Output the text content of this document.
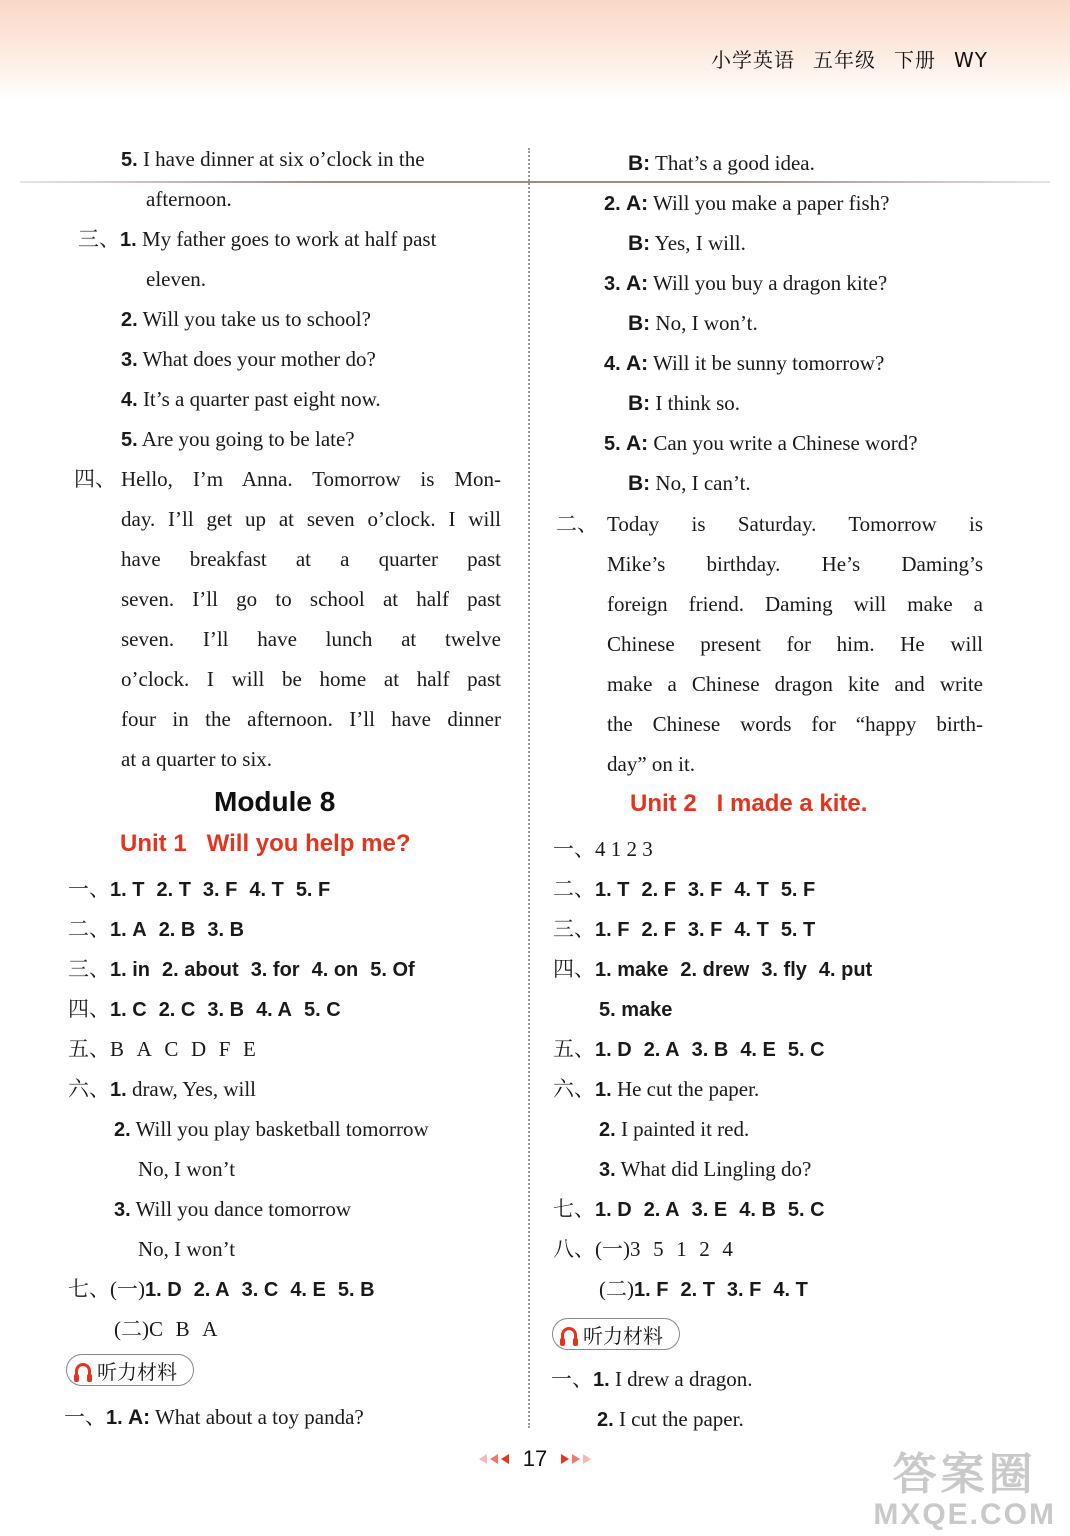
小学英语 五年级 下册 WY
5. I have dinner at six o’clock in the
afternoon.
三、1. My father goes to work at half past
eleven.
2. Will you take us to school?
3. What does your mother do?
4. It’s a quarter past eight now.
5. Are you going to be late?
四、 Hello, I’m Anna. Tomorrow is Mon-
day. I’ll get up at seven o’clock. I will
have breakfast at a quarter past
seven. I’ll go to school at half past
seven. I’ll have lunch at twelve
o’clock. I will be home at half past
four in the afternoon. I’ll have dinner
at a quarter to six.
Module 8
Unit 1 Will you help me?
一、1. T 2. T 3. F 4. T 5. F
二、1. A 2. B 3. B
三、1. in 2. about 3. for 4. on 5. Of
四、1. C 2. C 3. B 4. A 5. C
五、B A C D F E
六、1. draw, Yes, will
2. Will you play basketball tomorrow
No, I won’t
3. Will you dance tomorrow
No, I won’t
七、(一)1. D 2. A 3. C 4. E 5. B
(二)C B A
听力材料
一、1. A: What about a toy panda?
B: That’s a good idea.
2. A: Will you make a paper fish?
B: Yes, I will.
3. A: Will you buy a dragon kite?
B: No, I won’t.
4. A: Will it be sunny tomorrow?
B: I think so.
5. A: Can you write a Chinese word?
B: No, I can’t.
二、 Today is Saturday. Tomorrow is
Mike’s birthday. He’s Daming’s
foreign friend. Daming will make a
Chinese present for him. He will
make a Chinese dragon kite and write
the Chinese words for “happy birth-
day” on it.
Unit 2 I made a kite.
一、4 1 2 3
二、1. T 2. F 3. F 4. T 5. F
三、1. F 2. F 3. F 4. T 5. T
四、1. make 2. drew 3. fly 4. put
5. make
五、1. D 2. A 3. B 4. E 5. C
六、1. He cut the paper.
2. I painted it red.
3. What did Lingling do?
七、1. D 2. A 3. E 4. B 5. C
八、(一)3 5 1 2 4
(二)1. F 2. T 3. F 4. T
听力材料
一、1. I drew a dragon.
2. I cut the paper.
17	答案圈
MXQE.COM
